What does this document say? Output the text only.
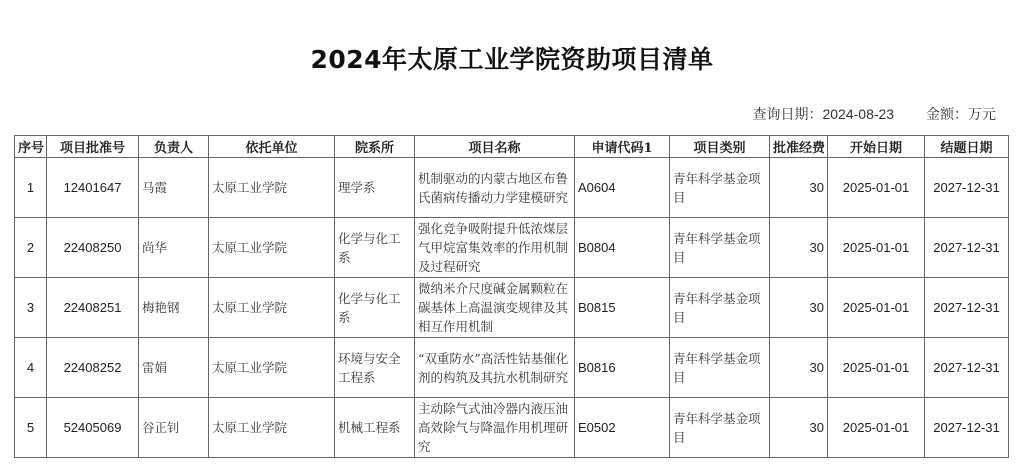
2024年太原工业学院资助项目清单
查询日期：2024-08-23 金额：万元
序号	项目批准号	负责人	依托单位	院系所	项目名称	申请代码1	项目类别	批准经费	开始日期	结题日期
1	12401647	马霞	太原工业学院	理学系	机制驱动的内蒙古地区布鲁氏菌病传播动力学建模研究	A0604	青年科学基金项目	30	2025-01-01	2027-12-31
2	22408250	尚华	太原工业学院	化学与化工系	强化竞争吸附提升低浓煤层气甲烷富集效率的作用机制及过程研究	B0804	青年科学基金项目	30	2025-01-01	2027-12-31
3	22408251	梅艳钢	太原工业学院	化学与化工系	微纳米介尺度碱金属颗粒在碳基体上高温演变规律及其相互作用机制	B0815	青年科学基金项目	30	2025-01-01	2027-12-31
4	22408252	雷娟	太原工业学院	环境与安全工程系	“双重防水”高活性钴基催化剂的构筑及其抗水机制研究	B0816	青年科学基金项目	30	2025-01-01	2027-12-31
5	52405069	谷正钊	太原工业学院	机械工程系	主动除气式油冷器内液压油高效除气与降温作用机理研究	E0502	青年科学基金项目	30	2025-01-01	2027-12-31
